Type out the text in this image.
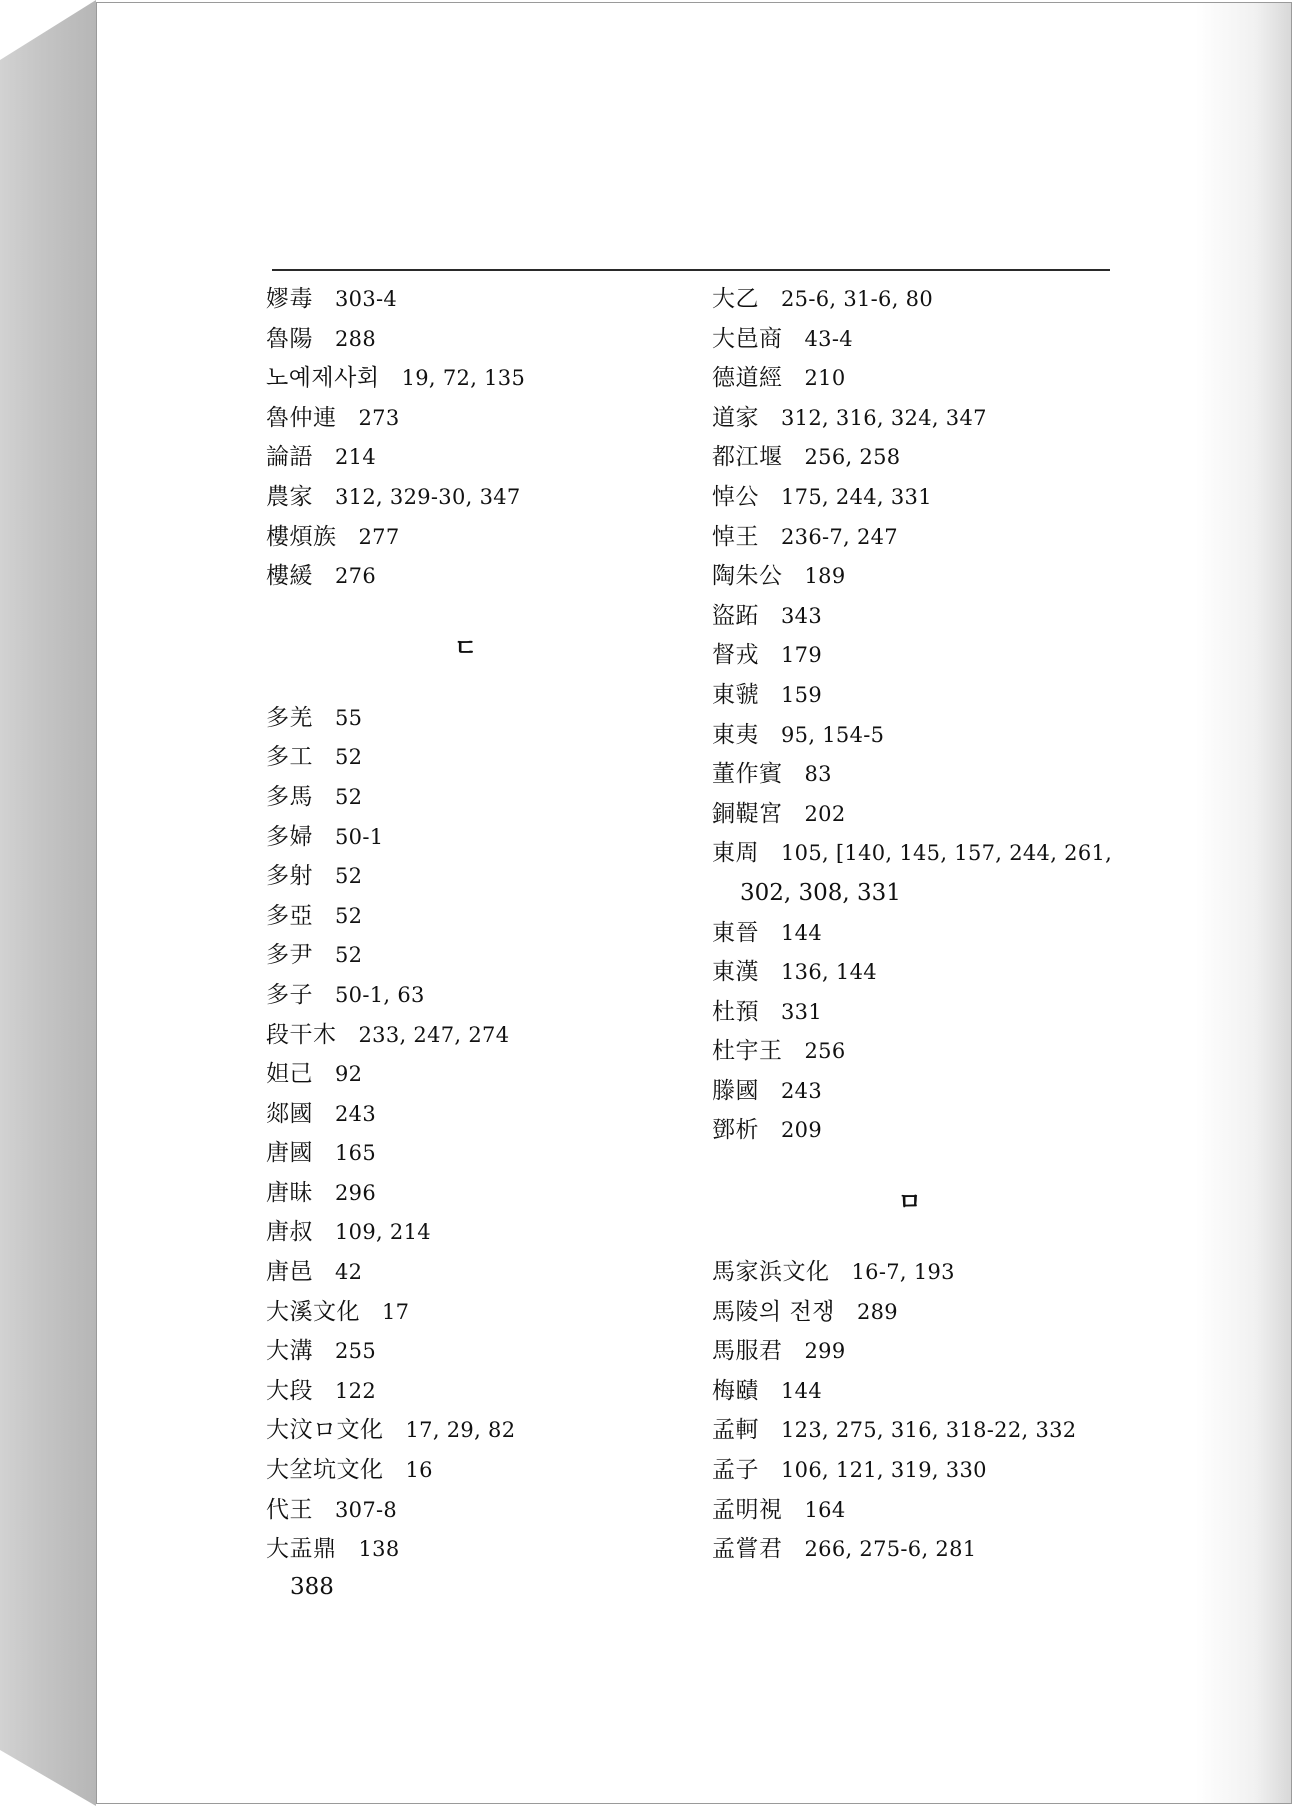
嫪毒 303-4
魯陽 288
노예제사회 19, 72, 135
魯仲連 273
論語 214
農家 312, 329-30, 347
樓煩族 277
樓緩 276
ㄷ
多羌 55
多工 52
多馬 52
多婦 50-1
多射 52
多亞 52
多尹 52
多子 50-1, 63
段干木 233, 247, 274
妲己 92
郯國 243
唐國 165
唐昧 296
唐叔 109, 214
唐邑 42
大溪文化 17
大溝 255
大段 122
大汶ロ文化 17, 29, 82
大坌坑文化 16
代王 307-8
大盂鼎 138
大乙 25-6, 31-6, 80
大邑商 43-4
德道經 210
道家 312, 316, 324, 347
都江堰 256, 258
悼公 175, 244, 331
悼王 236-7, 247
陶朱公 189
盜跖 343
督戎 179
東虢 159
東夷 95, 154-5
董作賓 83
銅鞮宮 202
東周 105, [140, 145, 157, 244, 261,
302, 308, 331
東晉 144
東漢 136, 144
杜預 331
杜宇王 256
滕國 243
鄧析 209
ㅁ
馬家浜文化 16-7, 193
馬陵의 전쟁 289
馬服君 299
梅賾 144
孟軻 123, 275, 316, 318-22, 332
孟子 106, 121, 319, 330
孟明視 164
孟嘗君 266, 275-6, 281
388
